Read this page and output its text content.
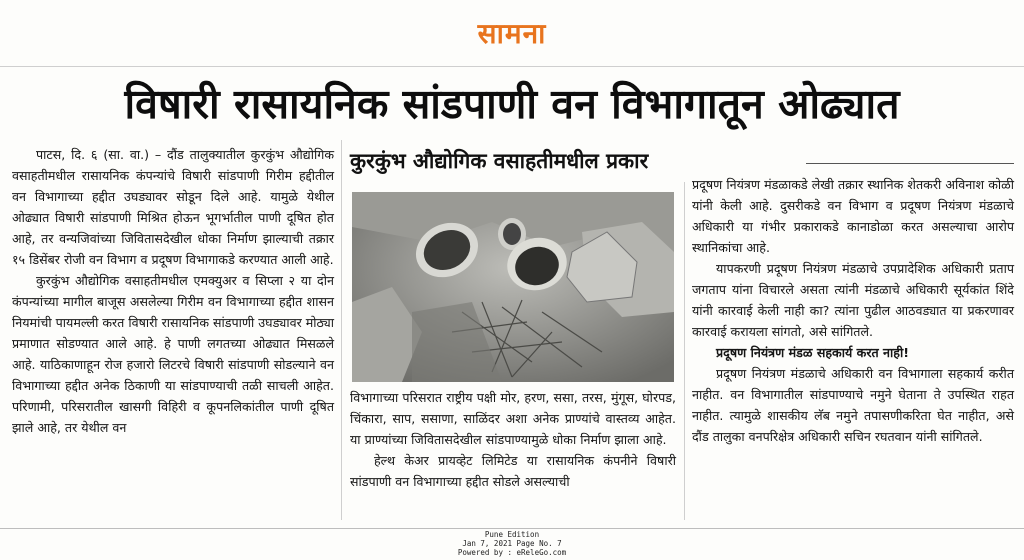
सामना
विषारी रासायनिक सांडपाणी वन विभागातून ओढ्यात

पाटस, दि. ६ (सा. वा.) – दौंड तालुक्यातील कुरकुंभ औद्योगिक वसाहतीमधील रासायनिक कंपन्यांचे विषारी सांडपाणी गिरीम हद्दीतील वन विभागाच्या हद्दीत उघड्यावर सोडून दिले आहे. यामुळे येथील ओढ्यात विषारी सांडपाणी मिश्रित होऊन भूगर्भातील पाणी दूषित होत आहे, तर वन्यजिवांच्या जिवितासदेखील धोका निर्माण झाल्याची तक्रार १५ डिसेंबर रोजी वन विभाग व प्रदूषण विभागाकडे करण्यात आली आहे.

कुरकुंभ औद्योगिक वसाहतीमधील एमक्युअर व सिप्ला २ या दोन कंपन्यांच्या मागील बाजूस असलेल्या गिरीम वन विभागाच्या हद्दीत शासन नियमांची पायमल्ली करत विषारी रासायनिक सांडपाणी उघड्यावर मोठ्या प्रमाणात सोडण्यात आले आहे. हे पाणी लगतच्या ओढ्यात मिसळले आहे. याठिकाणाहून रोज हजारो लिटरचे विषारी सांडपाणी सोडल्याने वन विभागाच्या हद्दीत अनेक ठिकाणी या सांडपाण्याची तळी साचली आहेत. परिणामी, परिसरातील खासगी विहिरी व कूपनलिकांतील पाणी दूषित झाले आहे, तर येथील वन

कुरकुंभ औद्योगिक वसाहतीमधील प्रकार

विभागाच्या परिसरात राष्ट्रीय पक्षी मोर, हरण, ससा, तरस, मुंगूस, घोरपड, चिंकारा, साप, ससाणा, साळिंदर अशा अनेक प्राण्यांचे वास्तव्य आहेत. या प्राण्यांच्या जिवितासदेखील सांडपाण्यामुळे धोका निर्माण झाला आहे.

हेल्थ केअर प्रायव्हेट लिमिटेड या रासायनिक कंपनीने विषारी सांडपाणी वन विभागाच्या हद्दीत सोडले असल्याची

प्रदूषण नियंत्रण मंडळाकडे लेखी तक्रार स्थानिक शेतकरी अविनाश कोळी यांनी केली आहे. दुसरीकडे वन विभाग व प्रदूषण नियंत्रण मंडळाचे अधिकारी या गंभीर प्रकाराकडे कानाडोळा करत असल्याचा आरोप स्थानिकांचा आहे.

यापकरणी प्रदूषण नियंत्रण मंडळाचे उपप्रादेशिक अधिकारी प्रताप जगताप यांना विचारले असता त्यांनी मंडळाचे अधिकारी सूर्यकांत शिंदे यांनी कारवाई केली नाही का? त्यांना पुढील आठवड्यात या प्रकरणावर कारवाई करायला सांगतो, असे सांगितले.

प्रदूषण नियंत्रण मंडळ सहकार्य करत नाही!

प्रदूषण नियंत्रण मंडळाचे अधिकारी वन विभागाला सहकार्य करीत नाहीत. वन विभागातील सांडपाण्याचे नमुने घेताना ते उपस्थित राहत नाहीत. त्यामुळे शासकीय लॅब नमुने तपासणीकरिता घेत नाहीत, असे दौंड तालुका वनपरिक्षेत्र अधिकारी सचिन रघतवान यांनी सांगितले.

Pune Edition
Jan 7, 2021 Page No. 7
Powered by : eReleGo.com
